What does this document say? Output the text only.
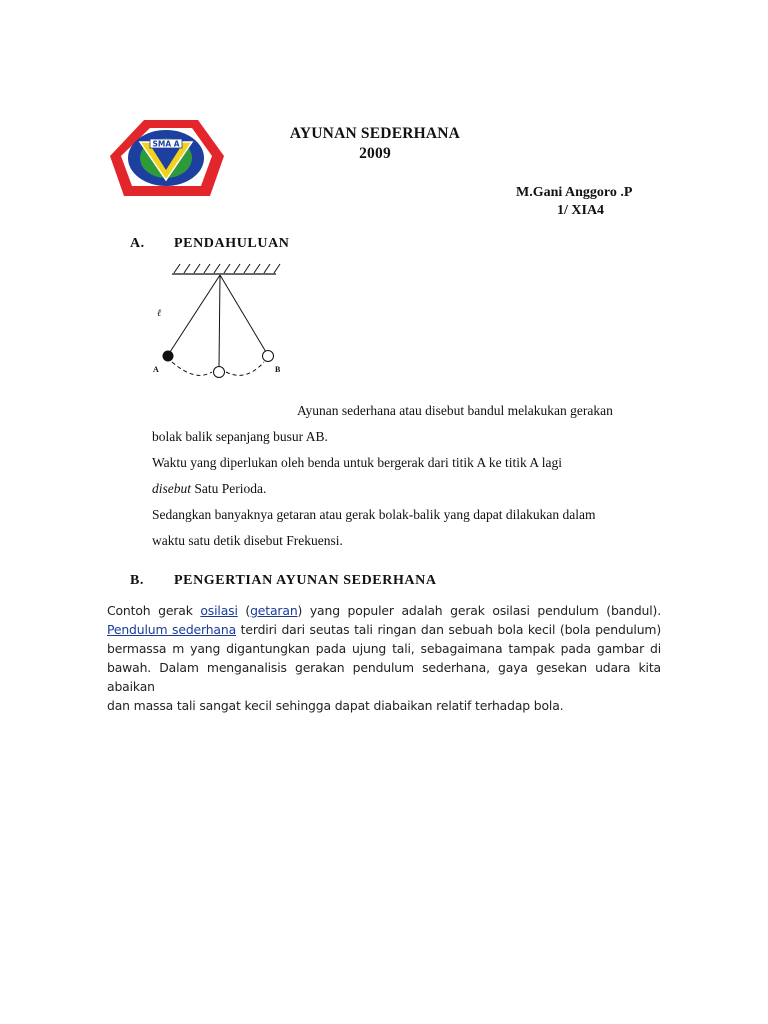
SMA A
AYUNAN SEDERHANA
2009
M.Gani Anggoro .P
1/ XIA4
A. PENDAHULUAN
A	B
ℓ
Ayunan sederhana atau disebut bandul melakukan gerakan
bolak balik sepanjang busur AB.
Waktu yang diperlukan oleh benda untuk bergerak dari titik A ke titik A lagi
disebut Satu Perioda.
Sedangkan banyaknya getaran atau gerak bolak-balik yang dapat dilakukan dalam
waktu satu detik disebut Frekuensi.
B. PENGERTIAN AYUNAN SEDERHANA
Contoh gerak osilasi (getaran) yang populer adalah gerak osilasi pendulum (bandul).
Pendulum sederhana terdiri dari seutas tali ringan dan sebuah bola kecil (bola pendulum)
bermassa m yang digantungkan pada ujung tali, sebagaimana tampak pada gambar di
bawah. Dalam menganalisis gerakan pendulum sederhana, gaya gesekan udara kita abaikan
dan massa tali sangat kecil sehingga dapat diabaikan relatif terhadap bola.
